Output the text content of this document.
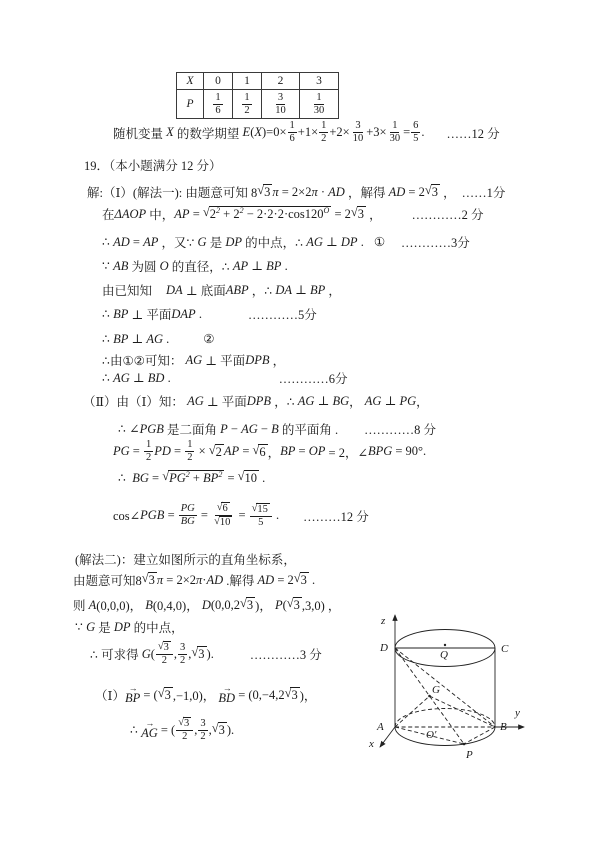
X	0	1	2	3
P	$\frac{1}{6}$	$\frac{1}{2}$	$\frac{3}{10}$	$\frac{1}{30}$
随机变量 X 的数学期望 E ( X )$=0\times \frac{1}{6} +1\times \frac{1}{2} +2\times \frac{3}{10} +3\times \frac{1}{30} = \frac{6}{5}$ . ……12 分
19．（本小题满分 12 分）
解:（Ⅰ）(解法一): 由题意可知 8 √ 3 π = 2×2 π · AD ，解得 AD = 2 √ 3 ， ……1分
在 ΔAOP 中， AP = √ $2^2 + 2^2 - 2\cdot 2\cdot 2\cdot\cos 120^O = 2$ √ 3 ， …………2 分
∴ AD = AP ，又∵ G 是 DP 的中点，∴ AG ⊥ DP . ① …………3分
∵ AB 为圆 O 的直径，∴ AP ⊥ BP .
由已知知 DA ⊥ 底面 ABP ，∴ DA ⊥ BP ，
∴ BP ⊥ 平面 DAP .	…………5分
∴ BP ⊥ AG .	②
∴由①②可知： AG ⊥ 平面 DPB ，
∴ AG ⊥ BD .	…………6分
（Ⅱ）由（Ⅰ）知： AG ⊥ 平面 DPB ，∴ AG ⊥ BG ， AG ⊥ PG ，
∴ ∠ PGB 是二面角 P − AG − B 的平面角 . …………8 分
PG = $\frac{1}{2}$ PD = $\frac{1}{2}$ × √ 2 AP = √ 6 ， BP = OP = 2，∠ BPG = 90°.
∴ BG = √ $PG^2 + BP^2$ = √ 10 .
cos∠ PGB = $\frac{PG}{BG} = \frac{√ 6}{√ 10} = \frac{√ 15}{5}$ . ………12 分
(解法二)：建立如图所示的直角坐标系，
由题意可知8 √ 3 π = 2×2 π · AD .解得 AD = 2 √ 3 .
则 A (0,0,0)， B (0,4,0)， D (0,0,2 √ 3 )， P ( √ 3 ,3,0) ，
∵ G 是 DP 的中点，
∴ 可求得 G ( $\frac{√ 3}{2}$ , $\frac{3}{2}$ , √ 3 ).	…………3 分
（Ⅰ）
→
BP = ( √ 3 ,−1,0)，
→
BD = (0,−4,2 √ 3 )，
∴
→
AG = ( $\frac{√ 3}{2}$ , $\frac{3}{2}$ , √ 3 ).
z
D
Q	C
G
y
A	B
O′
x
P
